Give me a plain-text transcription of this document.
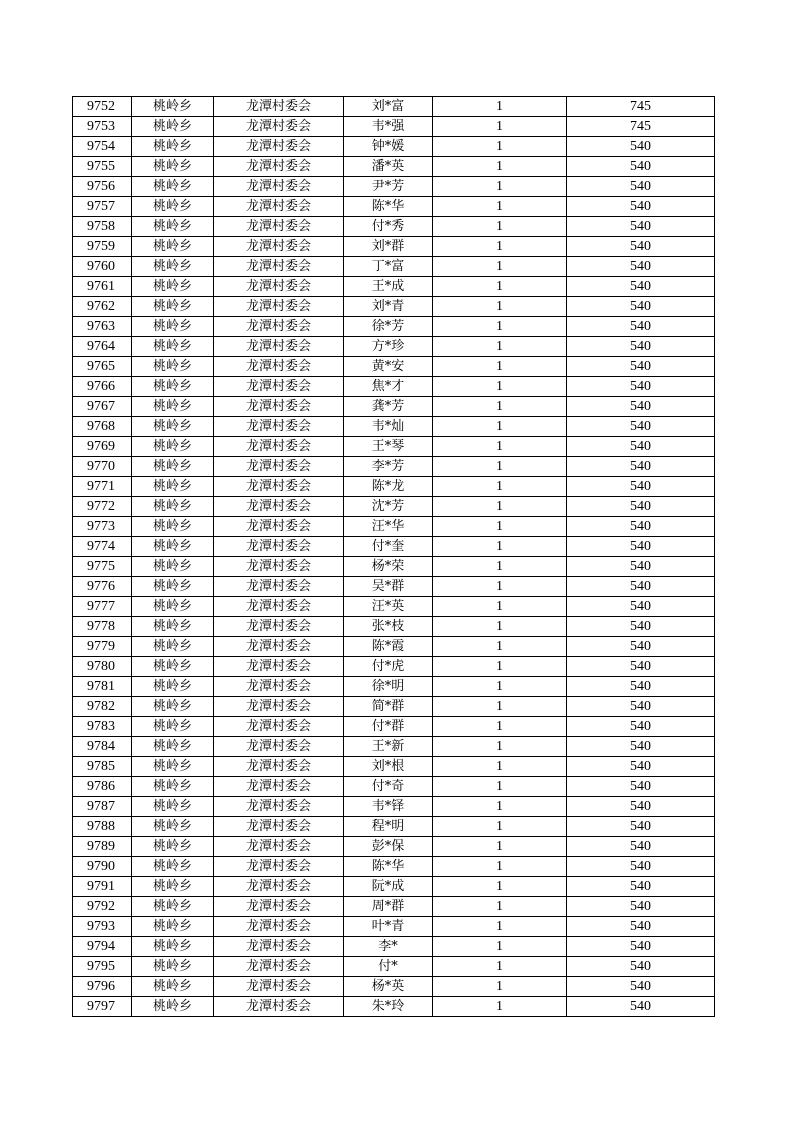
9752	桃岭乡	龙潭村委会	刘*富	1	745
9753	桃岭乡	龙潭村委会	韦*强	1	745
9754	桃岭乡	龙潭村委会	钟*媛	1	540
9755	桃岭乡	龙潭村委会	潘*英	1	540
9756	桃岭乡	龙潭村委会	尹*芳	1	540
9757	桃岭乡	龙潭村委会	陈*华	1	540
9758	桃岭乡	龙潭村委会	付*秀	1	540
9759	桃岭乡	龙潭村委会	刘*群	1	540
9760	桃岭乡	龙潭村委会	丁*富	1	540
9761	桃岭乡	龙潭村委会	王*成	1	540
9762	桃岭乡	龙潭村委会	刘*青	1	540
9763	桃岭乡	龙潭村委会	徐*芳	1	540
9764	桃岭乡	龙潭村委会	方*珍	1	540
9765	桃岭乡	龙潭村委会	黄*安	1	540
9766	桃岭乡	龙潭村委会	焦*才	1	540
9767	桃岭乡	龙潭村委会	龚*芳	1	540
9768	桃岭乡	龙潭村委会	韦*灿	1	540
9769	桃岭乡	龙潭村委会	王*琴	1	540
9770	桃岭乡	龙潭村委会	李*芳	1	540
9771	桃岭乡	龙潭村委会	陈*龙	1	540
9772	桃岭乡	龙潭村委会	沈*芳	1	540
9773	桃岭乡	龙潭村委会	汪*华	1	540
9774	桃岭乡	龙潭村委会	付*奎	1	540
9775	桃岭乡	龙潭村委会	杨*荣	1	540
9776	桃岭乡	龙潭村委会	吴*群	1	540
9777	桃岭乡	龙潭村委会	汪*英	1	540
9778	桃岭乡	龙潭村委会	张*枝	1	540
9779	桃岭乡	龙潭村委会	陈*霞	1	540
9780	桃岭乡	龙潭村委会	付*虎	1	540
9781	桃岭乡	龙潭村委会	徐*明	1	540
9782	桃岭乡	龙潭村委会	简*群	1	540
9783	桃岭乡	龙潭村委会	付*群	1	540
9784	桃岭乡	龙潭村委会	王*新	1	540
9785	桃岭乡	龙潭村委会	刘*根	1	540
9786	桃岭乡	龙潭村委会	付*奇	1	540
9787	桃岭乡	龙潭村委会	韦*铎	1	540
9788	桃岭乡	龙潭村委会	程*明	1	540
9789	桃岭乡	龙潭村委会	彭*保	1	540
9790	桃岭乡	龙潭村委会	陈*华	1	540
9791	桃岭乡	龙潭村委会	阮*成	1	540
9792	桃岭乡	龙潭村委会	周*群	1	540
9793	桃岭乡	龙潭村委会	叶*青	1	540
9794	桃岭乡	龙潭村委会	李*	1	540
9795	桃岭乡	龙潭村委会	付*	1	540
9796	桃岭乡	龙潭村委会	杨*英	1	540
9797	桃岭乡	龙潭村委会	朱*玲	1	540
